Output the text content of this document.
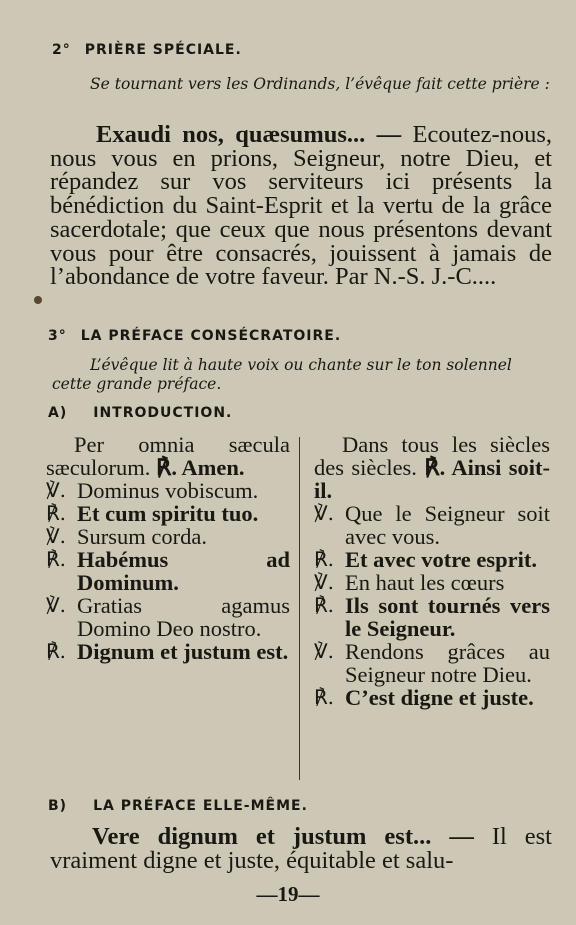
2° PRIÈRE SPÉCIALE.
Se tournant vers les Ordinands, l’évêque fait cette prière :
Exaudi nos, quæsumus... — Ecoutez-nous, nous vous en prions, Seigneur, notre Dieu, et répandez sur vos serviteurs ici présents la bénédiction du Saint-Esprit et la vertu de la grâce sacerdotale; que ceux que nous présentons devant vous pour être consacrés, jouissent à jamais de l’abondance de votre faveur. Par N.-S. J.-C....
3° LA PRÉFACE CONSÉCRATOIRE.
L’évêque lit à haute voix ou chante sur le ton solennel cette grande préface.
A) INTRODUCTION.
Per omnia sæcula sæculorum. ℟. Amen.
℣. Dominus vobiscum.
℟. Et cum spiritu tuo.
℣. Sursum corda.
℟. Habémus ad Dominum.
℣. Gratias agamus Domino Deo nostro.
℟. Dignum et justum est.
Dans tous les siècles des siècles. ℟. Ainsi soit-il.
℣. Que le Seigneur soit avec vous.
℟. Et avec votre esprit.
℣. En haut les cœurs
℟. Ils sont tournés vers le Seigneur.
℣. Rendons grâces au Seigneur notre Dieu.
℟. C’est digne et juste.
B) LA PRÉFACE ELLE-MÊME.
Vere dignum et justum est... — Il est vraiment digne et juste, équitable et salu-
—19—
